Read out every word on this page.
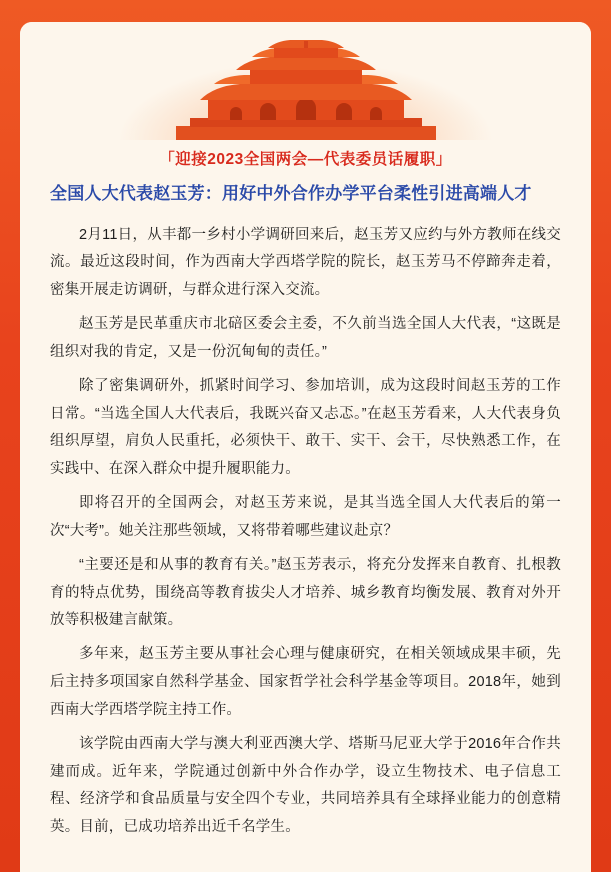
「迎接2023全国两会—代表委员话履职」
全国人大代表赵玉芳：用好中外合作办学平台柔性引进高端人才

2月11日，从丰都一乡村小学调研回来后，赵玉芳又应约与外方教师在线交流。最近这段时间，作为西南大学西塔学院的院长，赵玉芳马不停蹄奔走着，密集开展走访调研，与群众进行深入交流。

赵玉芳是民革重庆市北碚区委会主委，不久前当选全国人大代表，“这既是组织对我的肯定，又是一份沉甸甸的责任。”

除了密集调研外，抓紧时间学习、参加培训，成为这段时间赵玉芳的工作日常。“当选全国人大代表后，我既兴奋又忐忑。”在赵玉芳看来，人大代表身负组织厚望，肩负人民重托，必须快干、敢干、实干、会干，尽快熟悉工作，在实践中、在深入群众中提升履职能力。

即将召开的全国两会，对赵玉芳来说，是其当选全国人大代表后的第一次“大考”。她关注那些领域，又将带着哪些建议赴京？

“主要还是和从事的教育有关。”赵玉芳表示，将充分发挥来自教育、扎根教育的特点优势，围绕高等教育拔尖人才培养、城乡教育均衡发展、教育对外开放等积极建言献策。

多年来，赵玉芳主要从事社会心理与健康研究，在相关领域成果丰硕，先后主持多项国家自然科学基金、国家哲学社会科学基金等项目。2018年，她到西南大学西塔学院主持工作。

该学院由西南大学与澳大利亚西澳大学、塔斯马尼亚大学于2016年合作共建而成。近年来，学院通过创新中外合作办学，设立生物技术、电子信息工程、经济学和食品质量与安全四个专业，共同培养具有全球择业能力的创意精英。目前，已成功培养出近千名学生。
